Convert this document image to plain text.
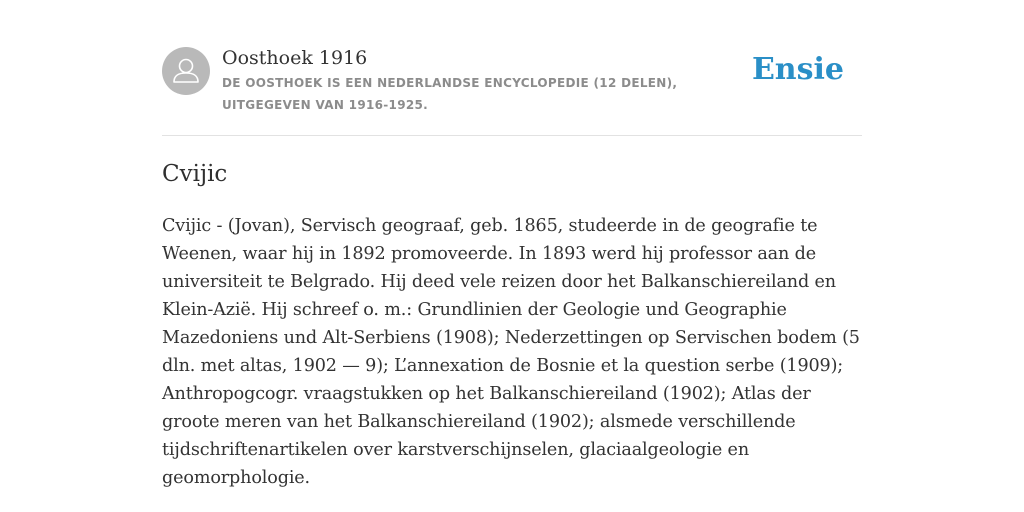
Oosthoek 1916
DE OOSTHOEK IS EEN NEDERLANDSE ENCYCLOPEDIE (12 DELEN), UITGEGEVEN VAN 1916-1925.
Ensie
Cvijic

Cvijic - (Jovan), Servisch geograaf, geb. 1865, studeerde in de geografie te Weenen, waar hij in 1892 promoveerde. In 1893 werd hij professor aan de universiteit te Belgrado. Hij deed vele reizen door het Balkanschiereiland en Klein-Azië. Hij schreef o. m.: Grundlinien der Geologie und Geographie Mazedoniens und Alt-Serbiens (1908); Nederzettingen op Servischen bodem (5 dln. met altas, 1902 — 9); L’annexation de Bosnie et la question serbe (1909); Anthropogcogr. vraagstukken op het Balkanschiereiland (1902); Atlas der groote meren van het Balkanschiereiland (1902); alsmede verschillende tijdschriftenartikelen over karstverschijnselen, glaciaalgeologie en geomorphologie.
